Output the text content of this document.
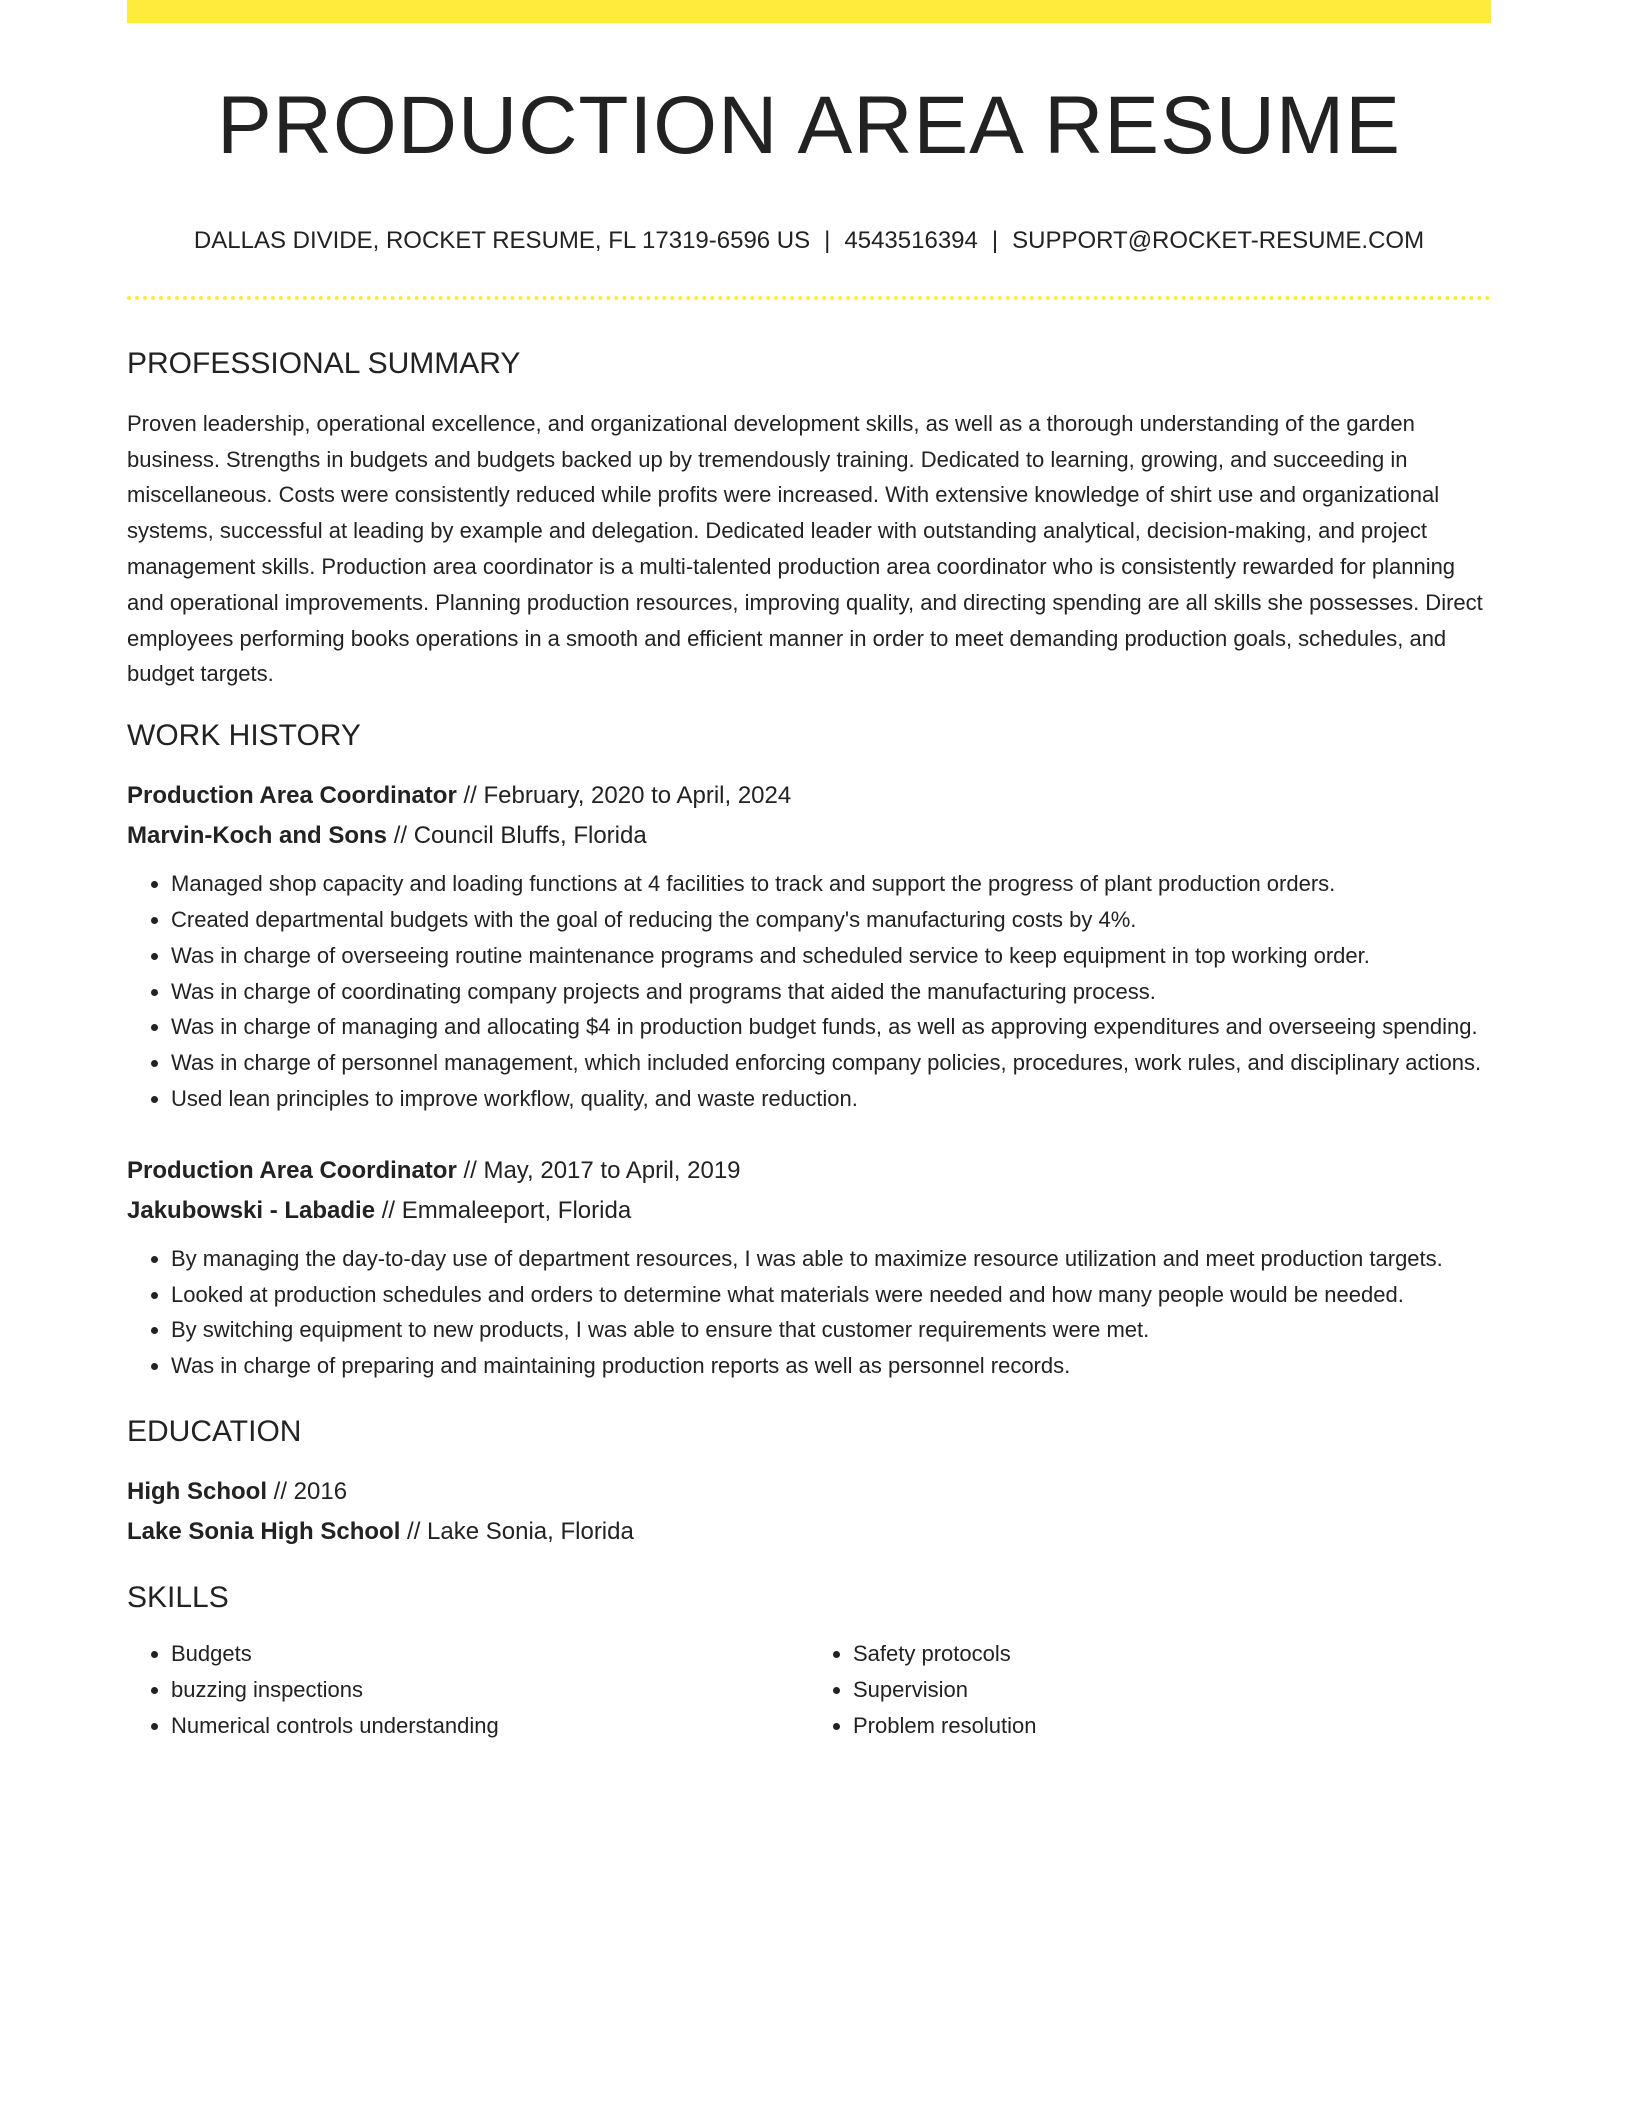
PRODUCTION AREA RESUME
DALLAS DIVIDE, ROCKET RESUME, FL 17319-6596 US | 4543516394 | SUPPORT@ROCKET-RESUME.COM
PROFESSIONAL SUMMARY

Proven leadership, operational excellence, and organizational development skills, as well as a thorough understanding of the garden business. Strengths in budgets and budgets backed up by tremendously training. Dedicated to learning, growing, and succeeding in miscellaneous. Costs were consistently reduced while profits were increased. With extensive knowledge of shirt use and organizational systems, successful at leading by example and delegation. Dedicated leader with outstanding analytical, decision-making, and project management skills. Production area coordinator is a multi-talented production area coordinator who is consistently rewarded for planning and operational improvements. Planning production resources, improving quality, and directing spending are all skills she possesses. Direct employees performing books operations in a smooth and efficient manner in order to meet demanding production goals, schedules, and budget targets.

WORK HISTORY
Production Area Coordinator // February, 2020 to April, 2024
Marvin-Koch and Sons // Council Bluffs, Florida
• Managed shop capacity and loading functions at 4 facilities to track and support the progress of plant production orders.
• Created departmental budgets with the goal of reducing the company's manufacturing costs by 4%.
• Was in charge of overseeing routine maintenance programs and scheduled service to keep equipment in top working order.
• Was in charge of coordinating company projects and programs that aided the manufacturing process.
• Was in charge of managing and allocating $4 in production budget funds, as well as approving expenditures and overseeing spending.
• Was in charge of personnel management, which included enforcing company policies, procedures, work rules, and disciplinary actions.
• Used lean principles to improve workflow, quality, and waste reduction.
Production Area Coordinator // May, 2017 to April, 2019
Jakubowski - Labadie // Emmaleeport, Florida
• By managing the day-to-day use of department resources, I was able to maximize resource utilization and meet production targets.
• Looked at production schedules and orders to determine what materials were needed and how many people would be needed.
• By switching equipment to new products, I was able to ensure that customer requirements were met.
• Was in charge of preparing and maintaining production reports as well as personnel records.
EDUCATION
High School // 2016
Lake Sonia High School // Lake Sonia, Florida
SKILLS
• Budgets
• buzzing inspections
• Numerical controls understanding
• Safety protocols
• Supervision
• Problem resolution
